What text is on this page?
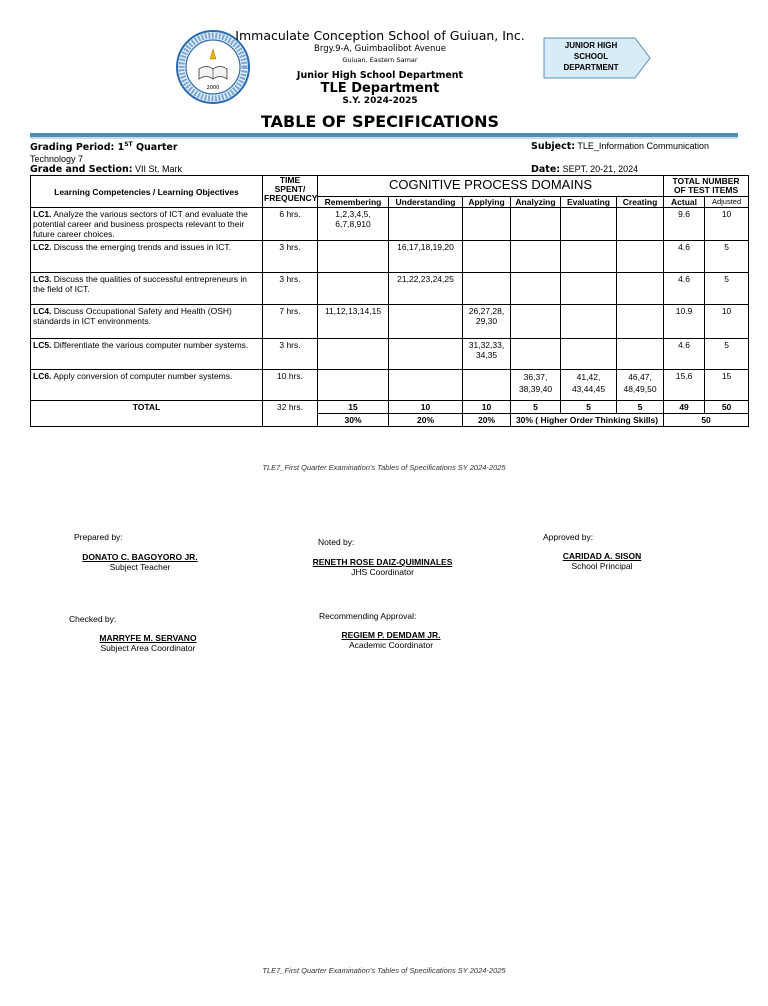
2000
Immaculate Conception School of Guiuan, Inc.
Brgy.9-A, Guimbaolibot Avenue
Guiuan, Eastern Samar
Junior High School Department
TLE Department
S.Y. 2024-2025
JUNIOR HIGH
SCHOOL
DEPARTMENT
TABLE OF SPECIFICATIONS
Grading Period: 1ST Quarter	Subject: TLE_Information Communication
Technology 7
Grade and Section: VII St. Mark	Date: SEPT. 20-21, 2024
Learning Competencies / Learning Objectives	TIME SPENT/ FREQUENCY	COGNITIVE PROCESS DOMAINS						TOTAL NUMBER OF TEST ITEMS	
		Remembering	Understanding	Applying	Analyzing	Evaluating	Creating	Actual	Adjusted
LC1. Analyze the various sectors of ICT and evaluate the potential career and business prospects relevant to their future career choices.	6 hrs.	1,2,3,4,5, 6,7,8,910						9.6	10
LC2. Discuss the emerging trends and issues in ICT.	3 hrs.		16,17,18,19,20					4.6	5
LC3. Discuss the qualities of successful entrepreneurs in the field of ICT.	3 hrs.		21,22,23,24,25					4.6	5
LC4. Discuss Occupational Safety and Health (OSH) standards in ICT environments.	7 hrs.	11,12,13,14,15		26,27,28, 29,30				10.9	10
LC5. Differentiate the various computer number systems.	3 hrs.			31,32,33, 34,35				4.6	5
LC6. Apply conversion of computer number systems.	10 hrs.				36,37, 38,39,40	41,42, 43,44,45	46,47, 48,49,50	15.6	15
TOTAL	32 hrs.	15	10	10	5	5	5	49	50
		30%	20%	20%	30% ( Higher Order Thinking Skills)			50	
TLE7_First Quarter Examination's Tables of Specifications SY 2024-2025
Prepared by:
DONATO C. BAGOYORO JR.
Subject Teacher
Noted by:
RENETH ROSE DAIZ-QUIMINALES
JHS Coordinator
Approved by:
CARIDAD A. SISON
School Principal
Checked by:
MARRYFE M. SERVANO
Subject Area Coordinator
Recommending Approval:
REGIEM P. DEMDAM JR.
Academic Coordinator
TLE7_First Quarter Examination's Tables of Specifications SY 2024-2025
